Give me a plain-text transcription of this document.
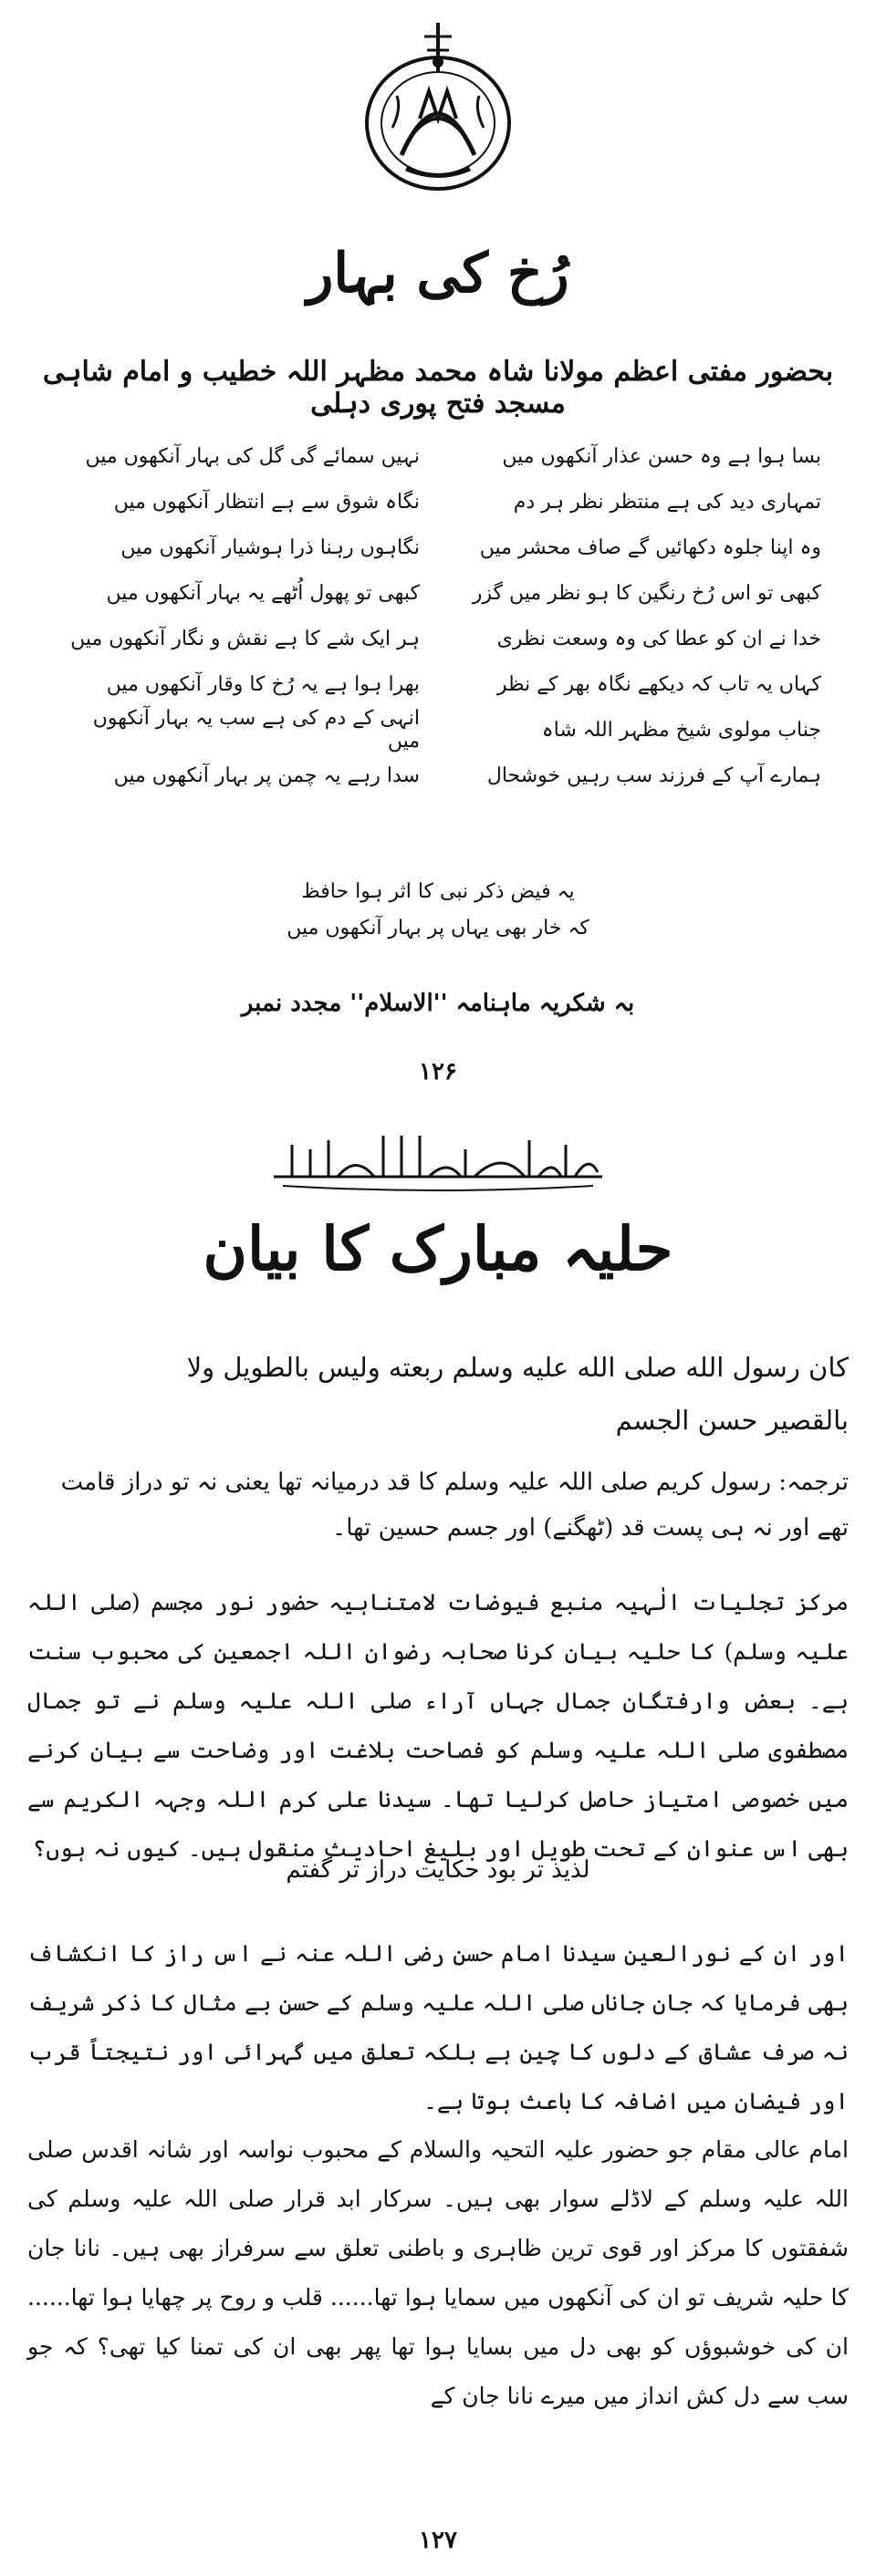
رُخ کی بہار
بحضور مفتی اعظم مولانا شاہ محمد مظہر اللہ خطیب و امام شاہی مسجد فتح پوری دہلی
بسا ہوا ہے وہ حسن عذار آنکھوں میں
نہیں سمائے گی گل کی بہار آنکھوں میں
تمہاری دید کی ہے منتظر نظر ہر دم
نگاہ شوق سے ہے انتظار آنکھوں میں
وہ اپنا جلوہ دکھائیں گے صاف محشر میں
نگاہوں رہنا ذرا ہوشیار آنکھوں میں
کبھی تو اس رُخ رنگین کا ہو نظر میں گزر
کبھی تو پھول اُٹھے یہ بہار آنکھوں میں
خدا نے ان کو عطا کی وہ وسعت نظری
ہر ایک شے کا ہے نقش و نگار آنکھوں میں
کہاں یہ تاب کہ دیکھے نگاہ بھر کے نظر
بھرا ہوا ہے یہ رُخ کا وقار آنکھوں میں
جناب مولوی شیخ مظہر اللہ شاہ
انہی کے دم کی ہے سب یہ بہار آنکھوں میں
ہمارے آپ کے فرزند سب رہیں خوشحال
سدا رہے یہ چمن پر بہار آنکھوں میں
یہ فیض ذکر نبی کا اثر ہوا حافظ
کہ خار بھی یہاں پر بہار آنکھوں میں
بہ شکریہ ماہنامہ ''الاسلام'' مجدد نمبر
۱۲۶
حلیہ مبارک کا بیان
كان رسول الله صلى الله عليه وسلم ربعته وليس بالطويل ولا
بالقصير حسن الجسم
ترجمہ: رسول کریم صلی اللہ علیہ وسلم کا قد درمیانہ تھا یعنی نہ تو دراز قامت تھے اور نہ ہی پست قد (ٹھگنے) اور جسم حسین تھا۔
مرکز تجلیات الٰہیہ منبع فیوضات لامتناہیہ حضور نور مجسم (صلی اللہ علیہ وسلم) کا حلیہ بیان کرنا صحابہ رضوان اللہ اجمعین کی محبوب سنت ہے۔ بعض وارفتگان جمال جہاں آراء صلی اللہ علیہ وسلم نے تو جمال مصطفوی صلی اللہ علیہ وسلم کو فصاحت بلاغت اور وضاحت سے بیان کرنے میں خصوصی امتیاز حاصل کرلیا تھا۔ سیدنا علی کرم اللہ وجہہ الکریم سے بھی اس عنوان کے تحت طویل اور بلیغ احادیث منقول ہیں۔ کیوں نہ ہوں؟
لذیذ تر بود حکایت دراز تر گفتم
اور ان کے نورالعین سیدنا امام حسن رضی اللہ عنہ نے اس راز کا انکشاف بھی فرمایا کہ جان جاناں صلی اللہ علیہ وسلم کے حسن بے مثال کا ذکر شریف نہ صرف عشاق کے دلوں کا چین ہے بلکہ تعلق میں گہرائی اور نتیجتاً قرب اور فیضان میں اضافہ کا باعث ہوتا ہے۔
امام عالی مقام جو حضور علیہ التحیہ والسلام کے محبوب نواسہ اور شانہ اقدس صلی اللہ علیہ وسلم کے لاڈلے سوار بھی ہیں۔ سرکار ابد قرار صلی اللہ علیہ وسلم کی شفقتوں کا مرکز اور قوی ترین ظاہری و باطنی تعلق سے سرفراز بھی ہیں۔ نانا جان کا حلیہ شریف تو ان کی آنکھوں میں سمایا ہوا تھا...... قلب و روح پر چھایا ہوا تھا...... ان کی خوشبوؤں کو بھی دل میں بسایا ہوا تھا پھر بھی ان کی تمنا کیا تھی؟ کہ جو سب سے دل کش انداز میں میرے نانا جان کے
۱۲۷
